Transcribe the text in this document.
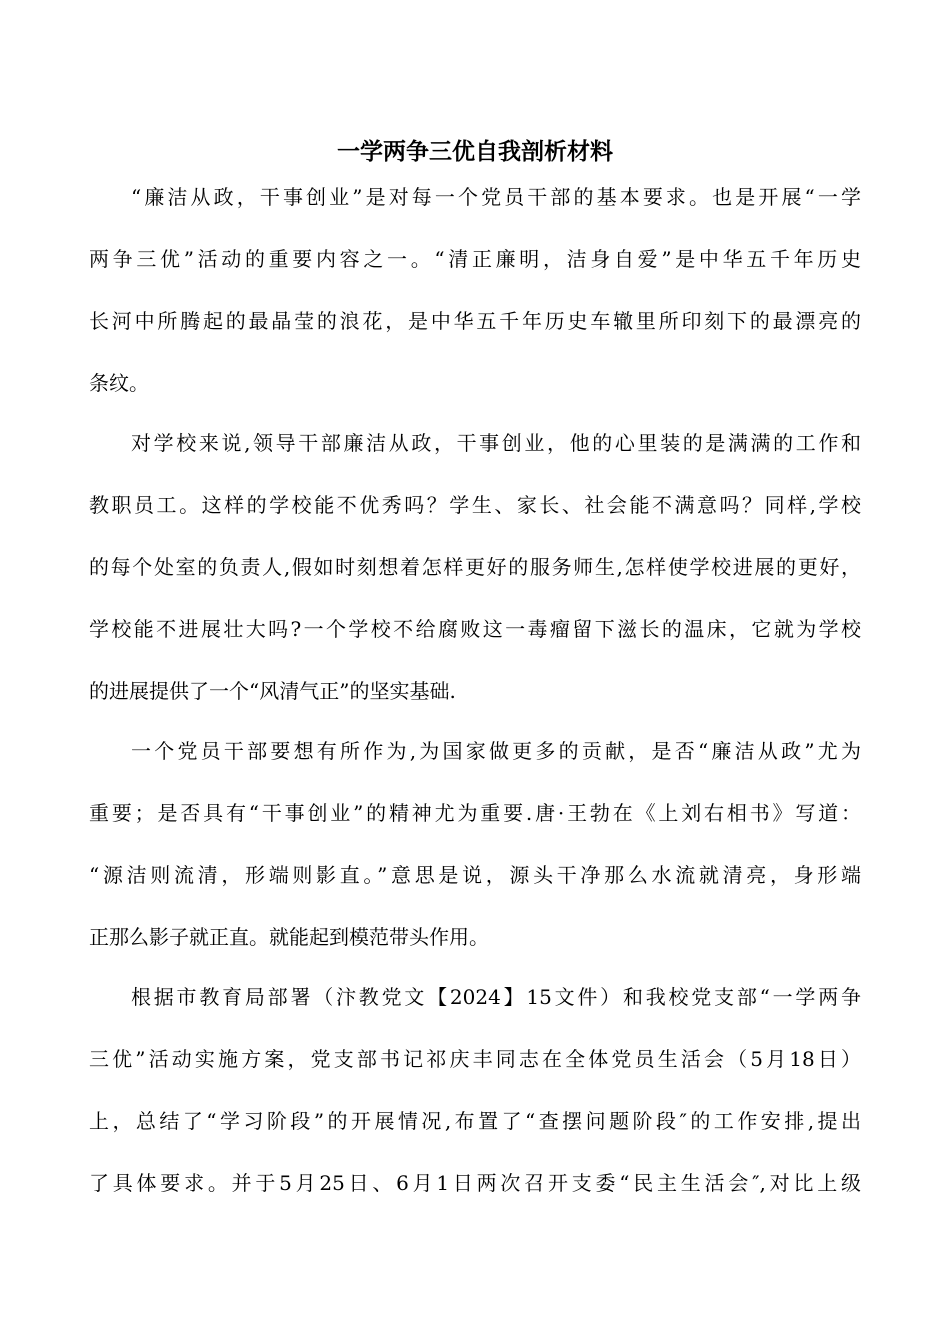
一学两争三优自我剖析材料
“廉洁从政，干事创业”是对每一个党员干部的基本要求。也是开展“一学
两争三优”活动的重要内容之一。“清正廉明，洁身自爱”是中华五千年历史
长河中所腾起的最晶莹的浪花，是中华五千年历史车辙里所印刻下的最漂亮的
条纹。
对学校来说,领导干部廉洁从政，干事创业，他的心里装的是满满的工作和
教职员工。这样的学校能不优秀吗？学生、家长、社会能不满意吗？同样,学校
的每个处室的负责人,假如时刻想着怎样更好的服务师生,怎样使学校进展的更好，
学校能不进展壮大吗?一个学校不给腐败这一毒瘤留下滋长的温床，它就为学校
的进展提供了一个“风清气正”的坚实基础.
一个党员干部要想有所作为,为国家做更多的贡献，是否“廉洁从政”尤为
重要；是否具有“干事创业”的精神尤为重要.唐·王勃在《上刘右相书》写道：
“源洁则流清，形端则影直。”意思是说，源头干净那么水流就清亮，身形端
正那么影子就正直。就能起到模范带头作用。
根据市教育局部署（汴教党文【2024】15文件）和我校党支部“一学两争
三优”活动实施方案，党支部书记祁庆丰同志在全体党员生活会（5月18日）
上，总结了“学习阶段”的开展情况,布置了“查摆问题阶段″的工作安排,提出
了具体要求。并于5月25日、6月1日两次召开支委“民主生活会″,对比上级
